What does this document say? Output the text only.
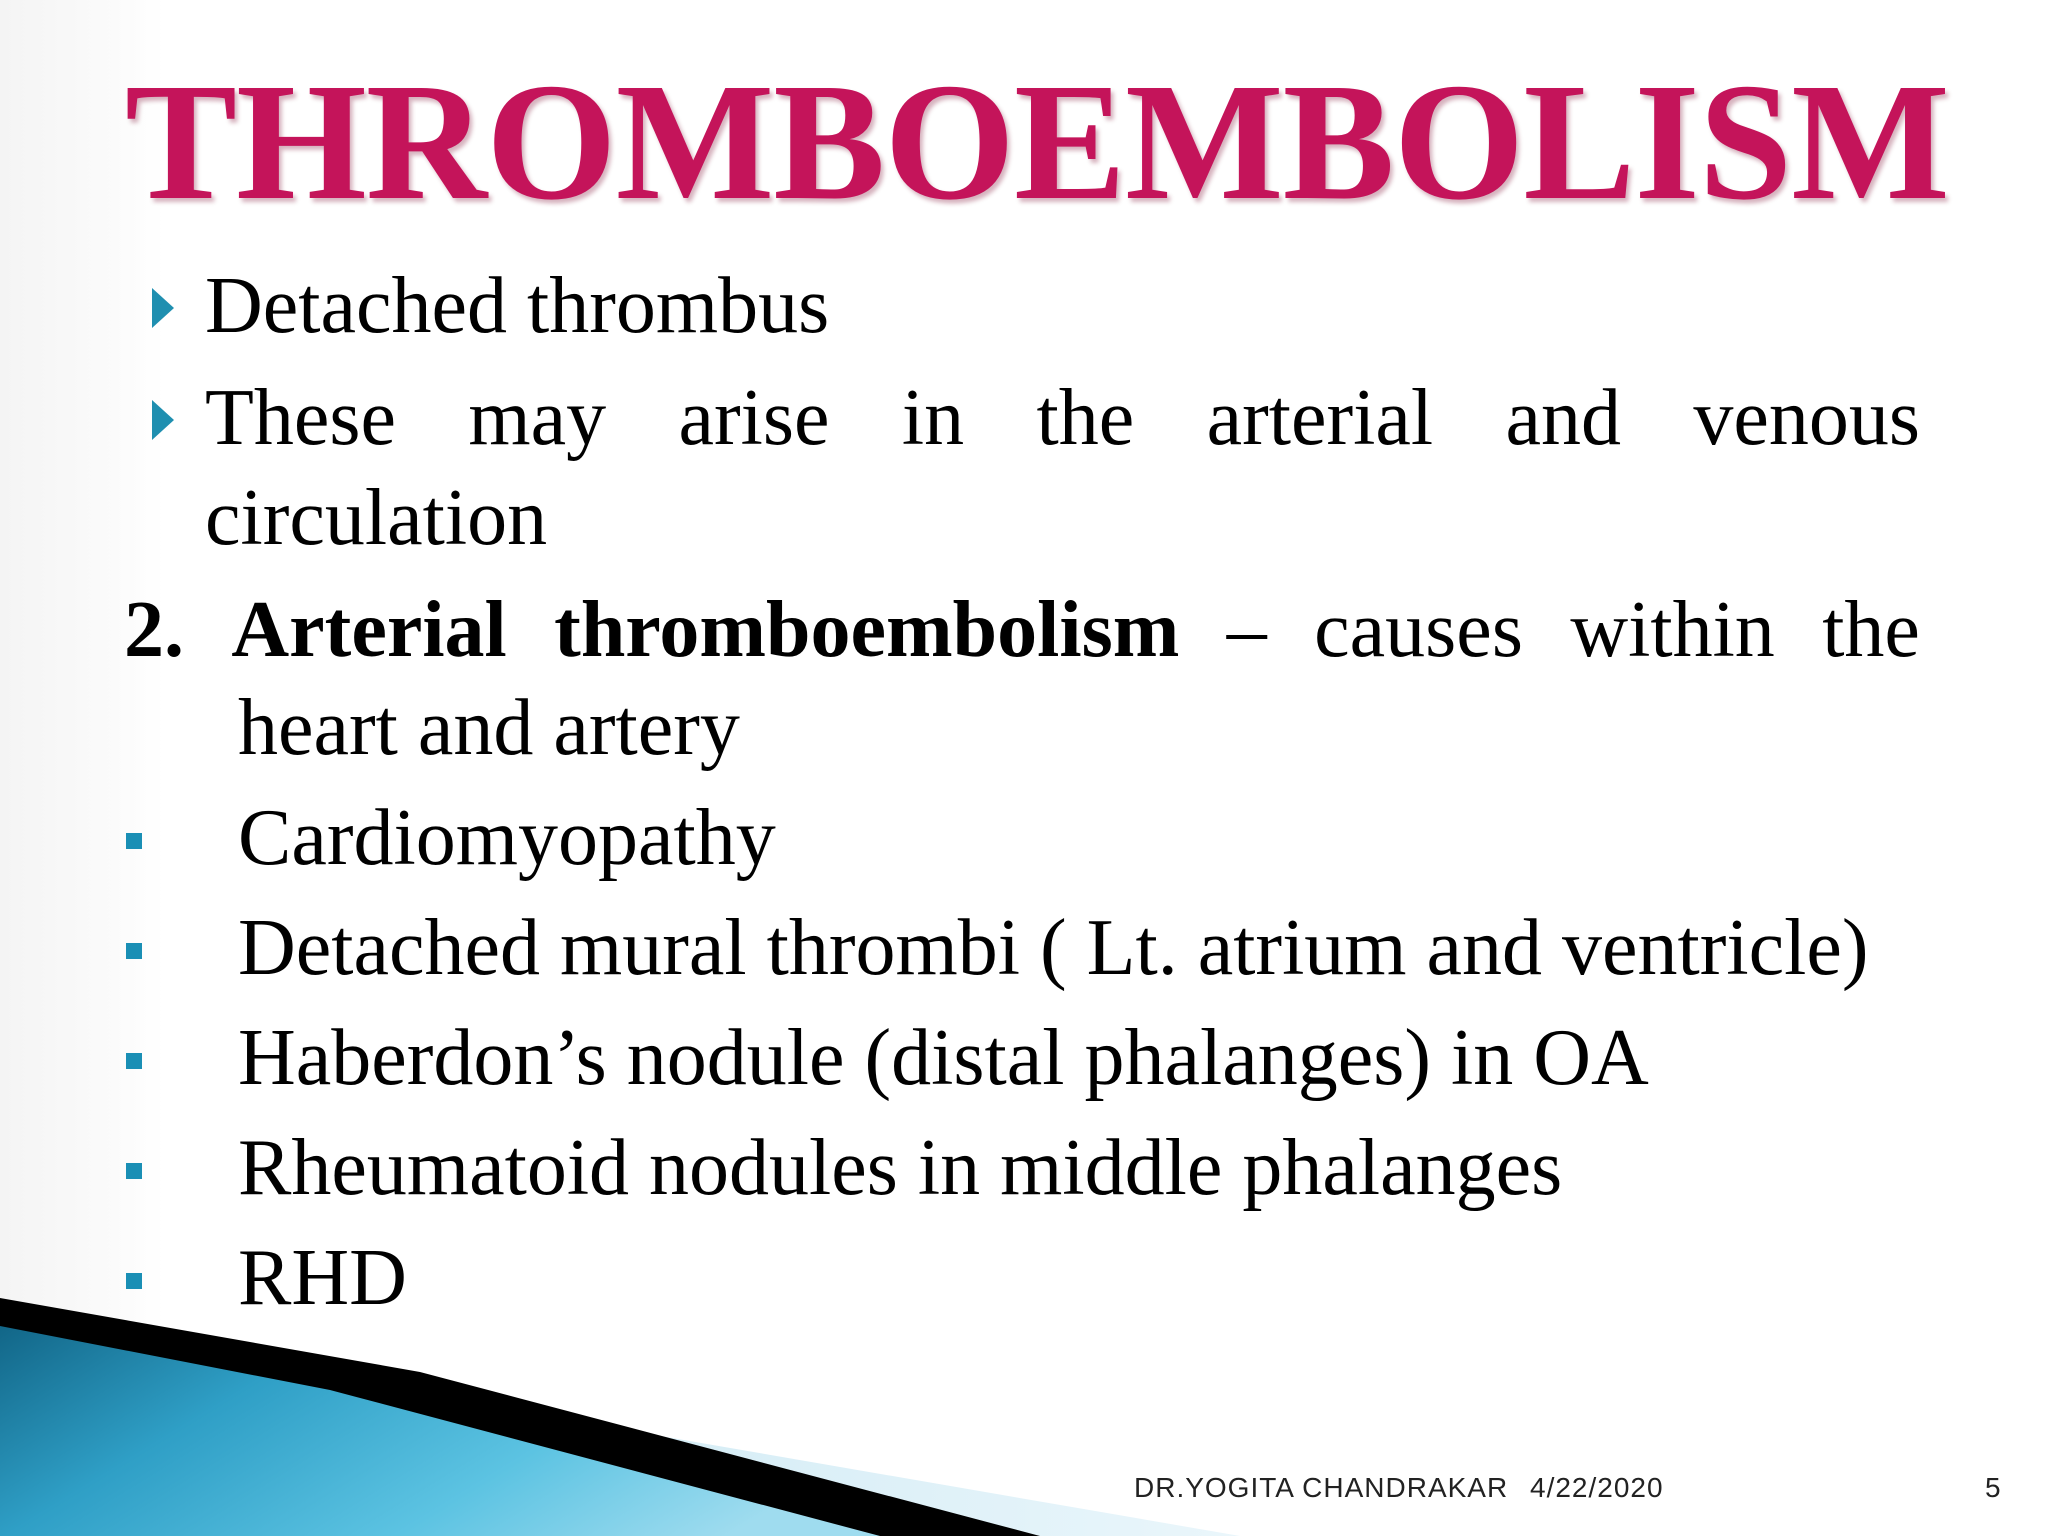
THROMBOEMBOLISM
Detached thrombus
These may arise in the arterial and venous
circulation
2. Arterial thromboembolism – causes within the
heart and artery
Cardiomyopathy
Detached mural thrombi ( Lt. atrium and ventricle)
Haberdon’s nodule (distal phalanges) in OA
Rheumatoid nodules in middle phalanges
RHD
DR.YOGITA CHANDRAKAR 4/22/2020	5
